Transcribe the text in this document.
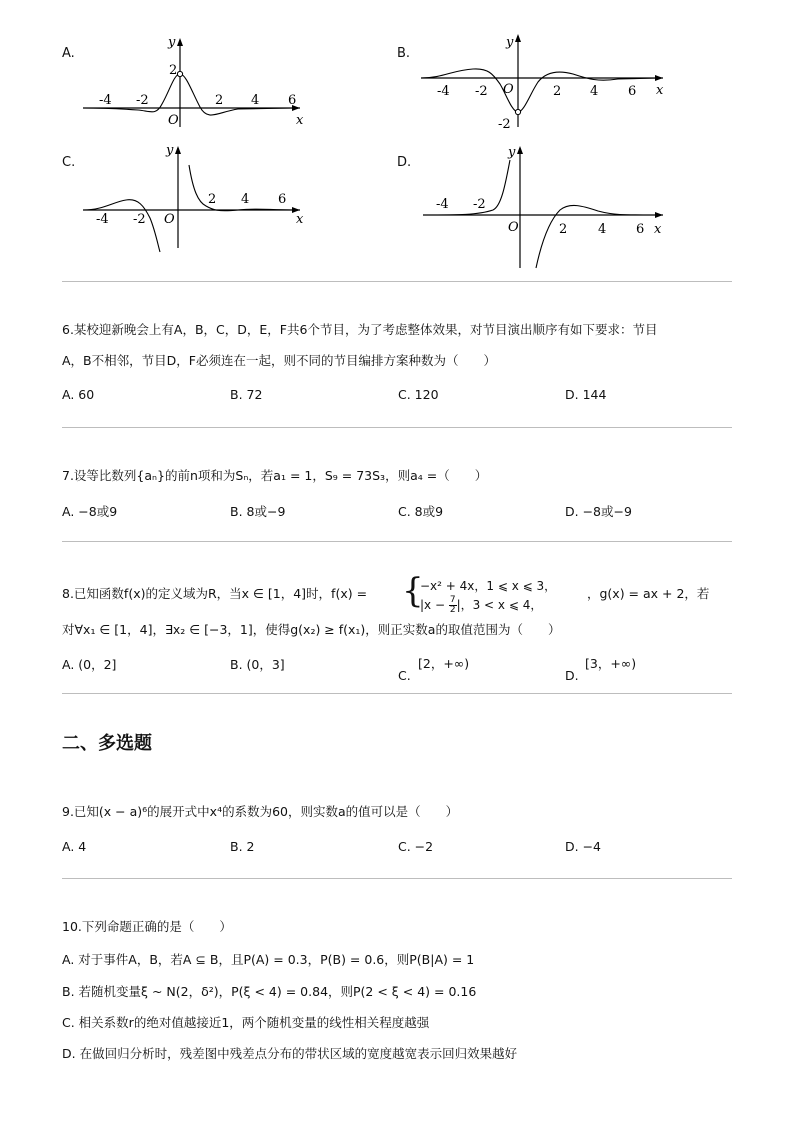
A.
-4 -2	2 4 6
2
O	x
y
B.
-4 -2	2 4 6
-2
O	x
y
C.
-4 -2
2 4 6
O	x
y
D.
-4 -2
2 4 6
O	x
y
6.某校迎新晚会上有A，B，C，D，E，F共6个节目，为了考虑整体效果，对节目演出顺序有如下要求：节目
A，B不相邻，节目D，F必须连在一起，则不同的节目编排方案种数为（　　）
A. 60	B. 72	C. 120	D. 144
7.设等比数列{aₙ}的前n项和为Sₙ，若a₁ = 1，S₉ = 73S₃，则a₄ =（　　）
A. −8或9	B. 8或−9	C. 8或9	D. −8或−9
8.已知函数f(x)的定义域为R，当x ∈ [1，4]时，f(x) = {
−x² + 4x，1 ⩽ x ⩽ 3，
$|x - \frac{7}{2}$ |，3 < x ⩽ 4，
，g(x) = ax + 2，若
对∀x₁ ∈ [1，4]，∃x₂ ∈ [−3，1]，使得g(x₂) ≥ f(x₁)，则正实数a的取值范围为（　　）
A. (0，2]	B. (0，3]
C.
[2，+∞)
D.
[3，+∞)
二、多选题
9.已知(x − a)⁶的展开式中x⁴的系数为60，则实数a的值可以是（　　）
A. 4	B. 2	C. −2	D. −4
10.下列命题正确的是（　　）
A. 对于事件A，B，若A ⊆ B，且P(A) = 0.3，P(B) = 0.6，则P(B|A) = 1
B. 若随机变量ξ ~ N(2，δ²)，P(ξ < 4) = 0.84，则P(2 < ξ < 4) = 0.16
C. 相关系数r的绝对值越接近1，两个随机变量的线性相关程度越强
D. 在做回归分析时，残差图中残差点分布的带状区域的宽度越宽表示回归效果越好
